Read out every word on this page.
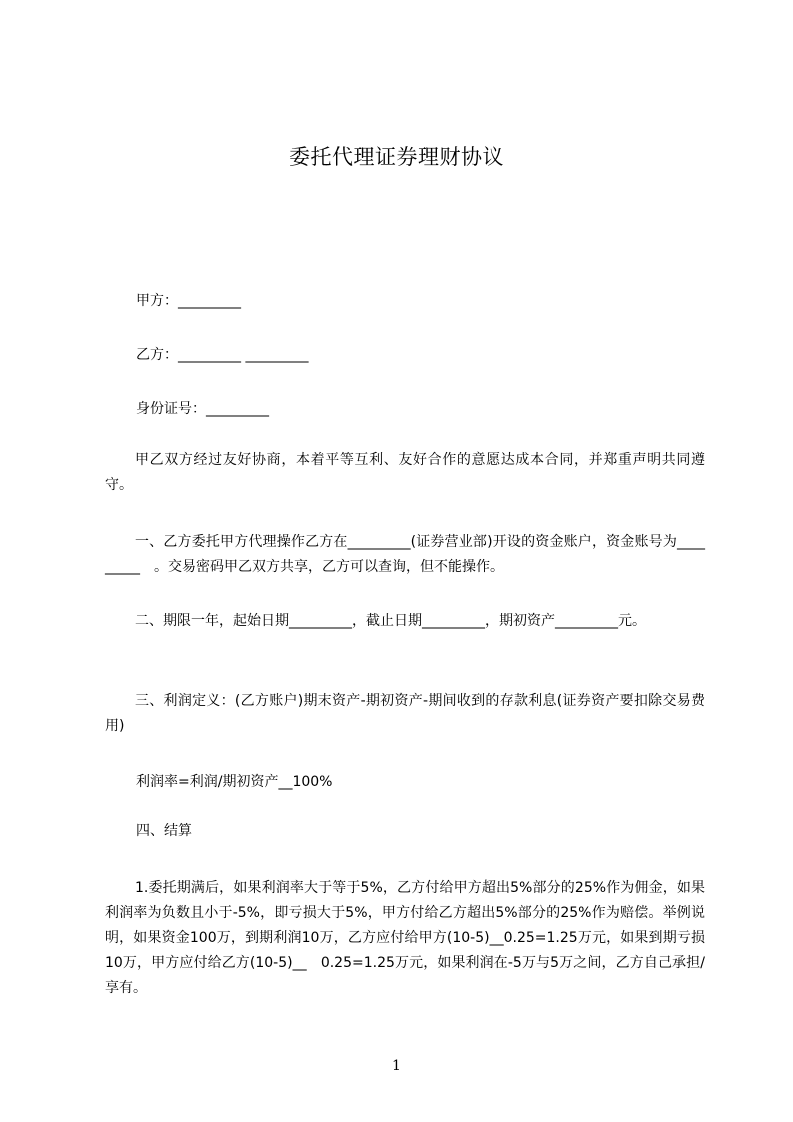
委托代理证券理财协议
甲方：_________
乙方：_________ _________
身份证号：_________
甲乙双方经过友好协商，本着平等互利、友好合作的意愿达成本合同，并郑重声明共同遵守。
一、乙方委托甲方代理操作乙方在_________(证券营业部)开设的资金账户，资金账号为_________　。交易密码甲乙双方共享，乙方可以查询，但不能操作。
二、期限一年，起始日期_________，截止日期_________，期初资产_________元。
三、利润定义：(乙方账户)期末资产-期初资产-期间收到的存款利息(证券资产要扣除交易费用)
利润率=利润/期初资产__100%
四、结算
1.委托期满后，如果利润率大于等于5%，乙方付给甲方超出5%部分的25%作为佣金，如果利润率为负数且小于-5%，即亏损大于5%，甲方付给乙方超出5%部分的25%作为赔偿。举例说明，如果资金100万，到期利润10万，乙方应付给甲方(10-5)__0.25=1.25万元，如果到期亏损10万，甲方应付给乙方(10-5)__　0.25=1.25万元，如果利润在-5万与5万之间，乙方自己承担/享有。
1
